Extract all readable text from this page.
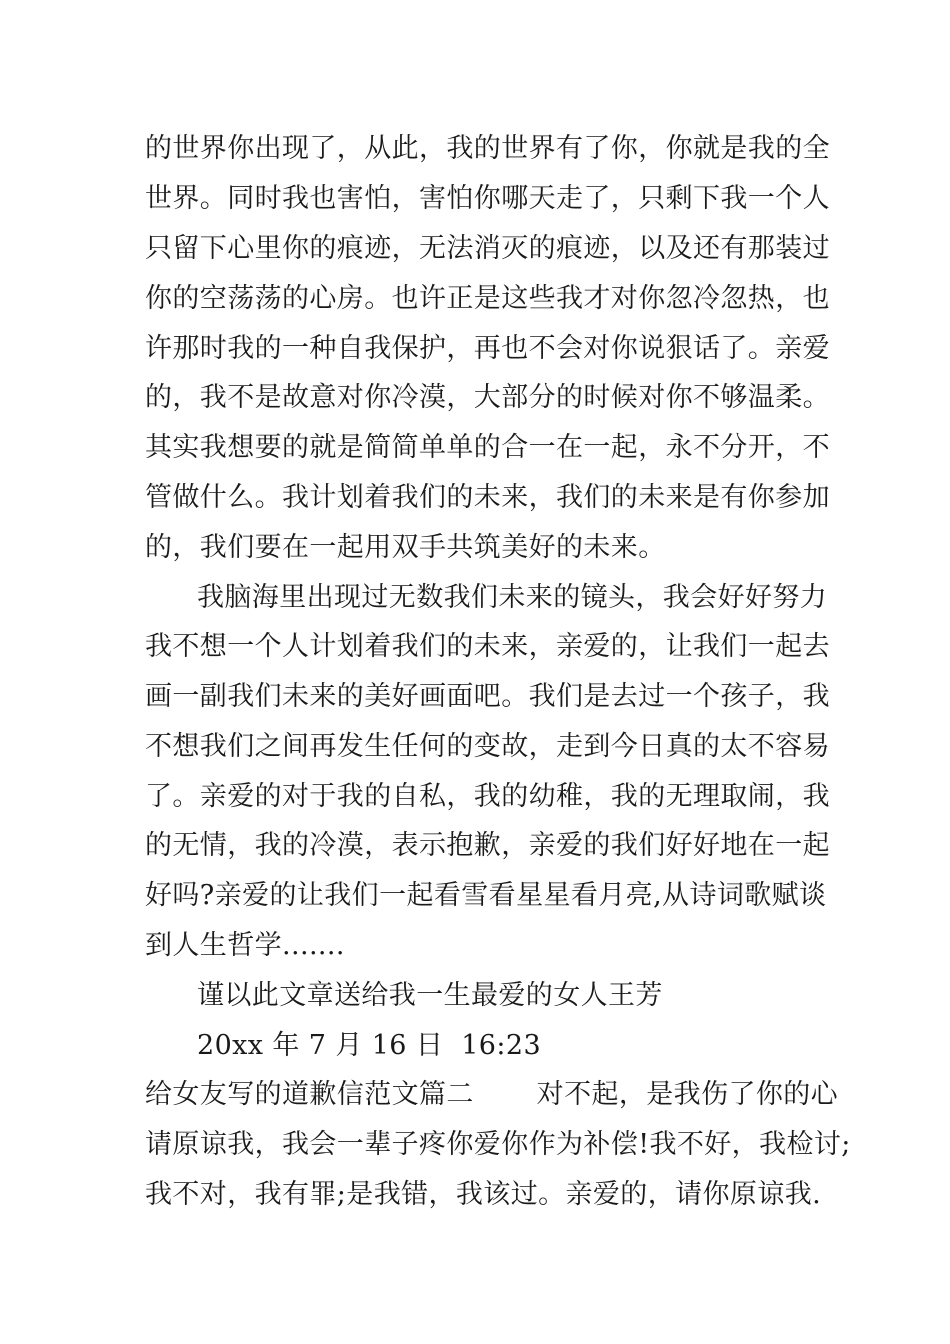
的世界你出现了，从此，我的世界有了你，你就是我的全
世界。同时我也害怕，害怕你哪天走了，只剩下我一个人
只留下心里你的痕迹，无法消灭的痕迹，以及还有那装过
你的空荡荡的心房。也许正是这些我才对你忽冷忽热，也
许那时我的一种自我保护，再也不会对你说狠话了。亲爱
的，我不是故意对你冷漠，大部分的时候对你不够温柔。
其实我想要的就是简简单单的合一在一起，永不分开，不
管做什么。我计划着我们的未来，我们的未来是有你参加
的，我们要在一起用双手共筑美好的未来。
我脑海里出现过无数我们未来的镜头，我会好好努力
我不想一个人计划着我们的未来，亲爱的，让我们一起去
画一副我们未来的美好画面吧。我们是去过一个孩子，我
不想我们之间再发生任何的变故，走到今日真的太不容易
了。亲爱的对于我的自私，我的幼稚，我的无理取闹，我
的无情，我的冷漠，表示抱歉，亲爱的我们好好地在一起
好吗?亲爱的让我们一起看雪看星星看月亮,从诗词歌赋谈
到人生哲学.......
谨以此文章送给我一生最爱的女人王芳
20xx 年 7 月 16 日  16:23
给女友写的道歉信范文篇二       对不起，是我伤了你的心
请原谅我，我会一辈子疼你爱你作为补偿!我不好，我检讨;
我不对，我有罪;是我错，我该过。亲爱的，请你原谅我.
